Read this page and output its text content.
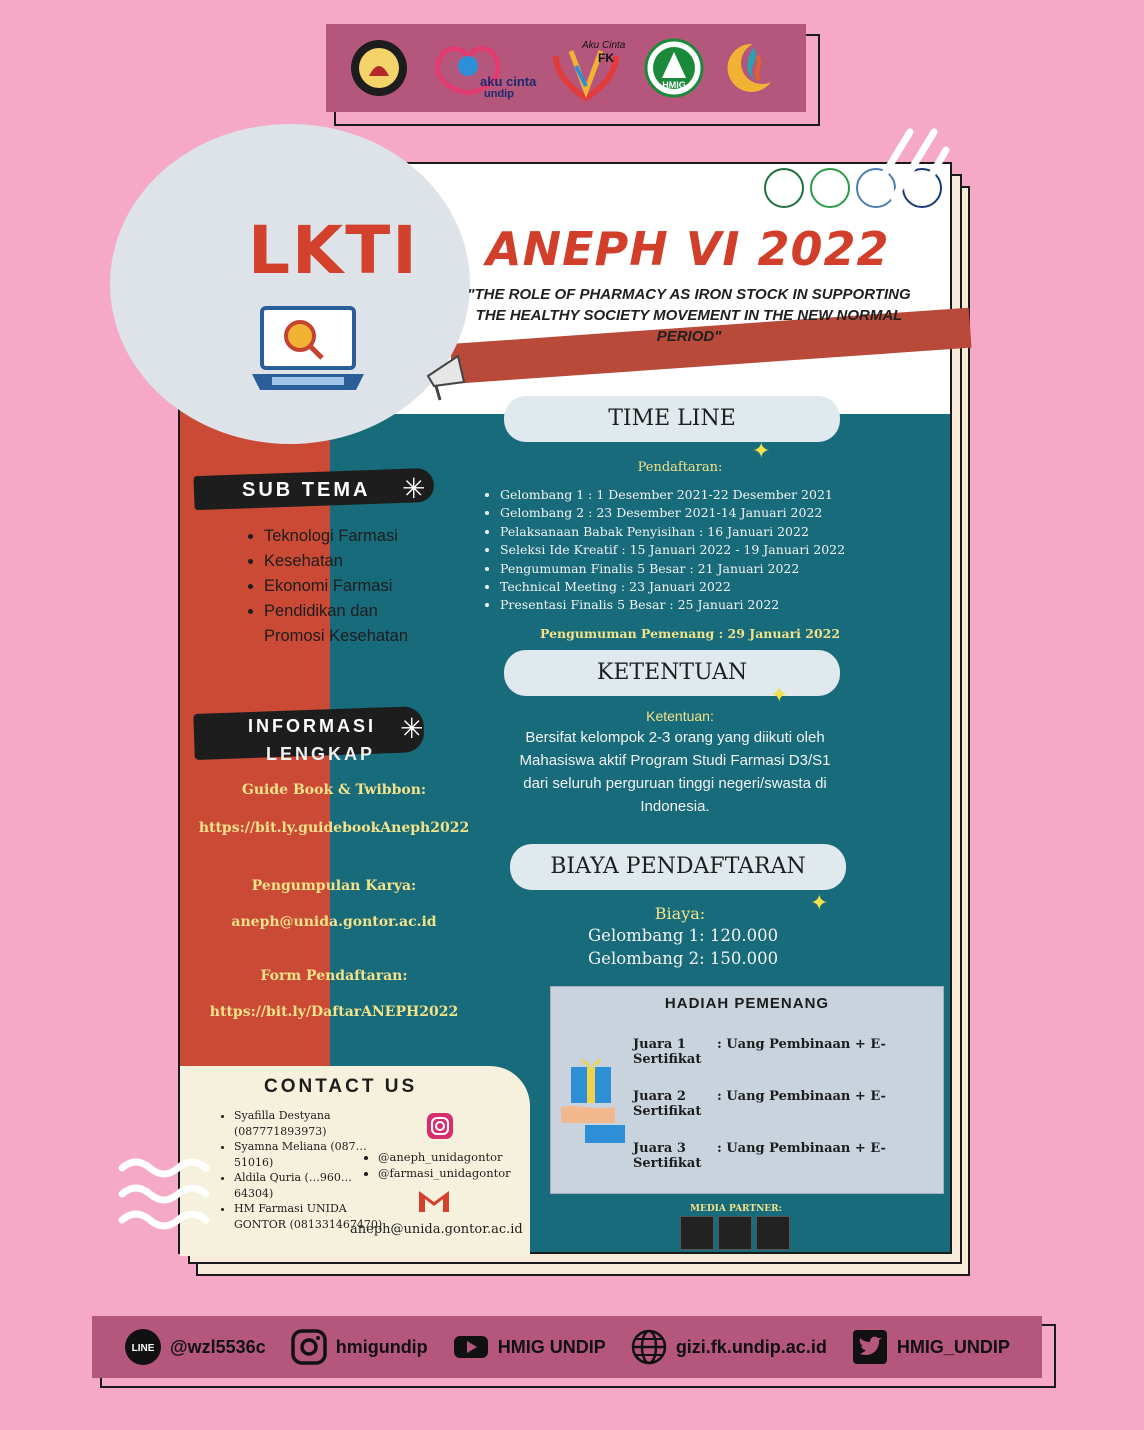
aku cinta
undip
Aku Cinta
FK
HMIG
LKTI ANEPH VI 2022
"THE ROLE OF PHARMACY AS IRON STOCK IN SUPPORTING THE HEALTHY SOCIETY MOVEMENT IN THE NEW NORMAL PERIOD"
SUB TEMA ✳
• Teknologi Farmasi
• Kesehatan
• Ekonomi Farmasi
• Pendidikan dan Promosi Kesehatan
INFORMASI
LENGKAP
✳
Guide Book & Twibbon:
https://bit.ly.guidebookAneph2022
Pengumpulan Karya:
aneph@unida.gontor.ac.id
Form Pendaftaran:
https://bit.ly/DaftarANEPH2022
TIME LINE
✦
Pendaftaran:
• Gelombang 1 : 1 Desember 2021-22 Desember 2021
• Gelombang 2 : 23 Desember 2021-14 Januari 2022
• Pelaksanaan Babak Penyisihan : 16 Januari 2022
• Seleksi Ide Kreatif : 15 Januari 2022 - 19 Januari 2022
• Pengumuman Finalis 5 Besar : 21 Januari 2022
• Technical Meeting : 23 Januari 2022
• Presentasi Finalis 5 Besar : 25 Januari 2022
Pengumuman Pemenang : 29 Januari 2022
KETENTUAN
✦
Ketentuan:
Bersifat kelompok 2-3 orang yang diikuti oleh Mahasiswa aktif Program Studi Farmasi D3/S1 dari seluruh perguruan tinggi negeri/swasta di Indonesia.
BIAYA PENDAFTARAN
✦
Biaya:
Gelombang 1: 120.000
Gelombang 2: 150.000
HADIAH PEMENANG
Juara 1 : Uang Pembinaan + E-Sertifikat
Juara 2 : Uang Pembinaan + E-Sertifikat
Juara 3 : Uang Pembinaan + E-Sertifikat
MEDIA PARTNER:
CONTACT US
• Syafilla Destyana (087771893973)
• Syamna Meliana (087…51016)
• Aldila Quria (…960…64304)
• HM Farmasi UNIDA GONTOR (081331467470)
• @aneph_unidagontor
• @farmasi_unidagontor
aneph@unida.gontor.ac.id
LINE @wzl5536c	hmigundip	HMIG UNDIP	gizi.fk.undip.ac.id	HMIG_UNDIP
